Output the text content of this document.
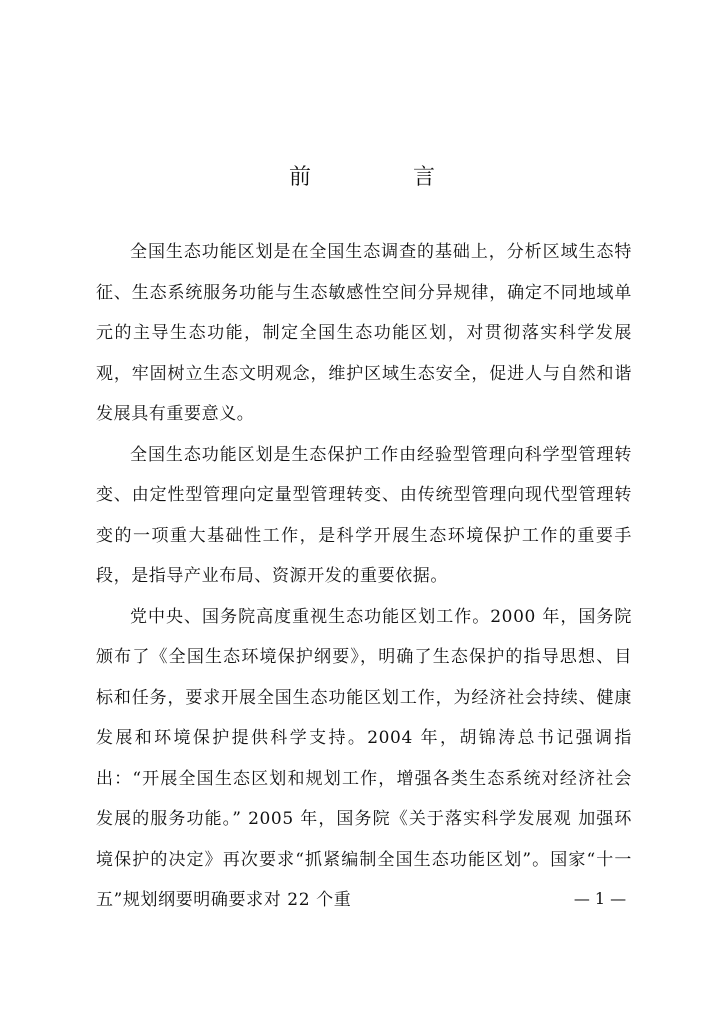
前　言

全国生态功能区划是在全国生态调查的基础上，分析区域生态特征、生态系统服务功能与生态敏感性空间分异规律，确定不同地域单元的主导生态功能，制定全国生态功能区划，对贯彻落实科学发展观，牢固树立生态文明观念，维护区域生态安全，促进人与自然和谐发展具有重要意义。

全国生态功能区划是生态保护工作由经验型管理向科学型管理转变、由定性型管理向定量型管理转变、由传统型管理向现代型管理转变的一项重大基础性工作，是科学开展生态环境保护工作的重要手段，是指导产业布局、资源开发的重要依据。

党中央、国务院高度重视生态功能区划工作。2000 年，国务院颁布了《全国生态环境保护纲要》，明确了生态保护的指导思想、目标和任务，要求开展全国生态功能区划工作，为经济社会持续、健康发展和环境保护提供科学支持。2004 年，胡锦涛总书记强调指出：“开展全国生态区划和规划工作，增强各类生态系统对经济社会发展的服务功能。” 2005 年，国务院《关于落实科学发展观 加强环境保护的决定》再次要求“抓紧编制全国生态功能区划”。国家“十一五”规划纲要明确要求对 22 个重	— 1 —
